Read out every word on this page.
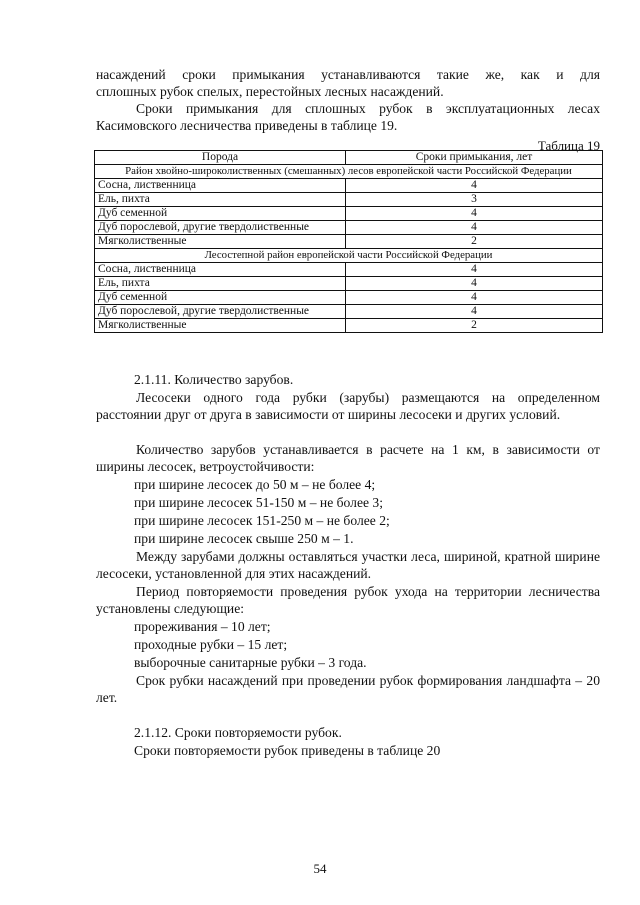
насаждений сроки примыкания устанавливаются такие же, как и для

сплошных рубок спелых, перестойных лесных насаждений.

Сроки примыкания для сплошных рубок в эксплуатационных лесах Касимовского лесничества приведены в таблице 19.

Таблица 19
Порода	Сроки примыкания, лет
Район хвойно-широколиственных (смешанных) лесов европейской части Российской Федерации	
Сосна, лиственница	4
Ель, пихта	3
Дуб семенной	4
Дуб порослевой, другие твердолиственные	4
Мягколиственные	2
Лесостепной район европейской части Российской Федерации	
Сосна, лиственница	4
Ель, пихта	4
Дуб семенной	4
Дуб порослевой, другие твердолиственные	4
Мягколиственные	2
2.1.11. Количество зарубов.

Лесосеки одного года рубки (зарубы) размещаются на определенном расстоянии друг от друга в зависимости от ширины лесосеки и других условий.

Количество зарубов устанавливается в расчете на 1 км, в зависимости от ширины лесосек, ветроустойчивости:

при ширине лесосек до 50 м – не более 4;
при ширине лесосек 51-150 м – не более 3;
при ширине лесосек 151-250 м – не более 2;
при ширине лесосек свыше 250 м – 1.

Между зарубами должны оставляться участки леса, шириной, кратной ширине лесосеки, установленной для этих насаждений.

Период повторяемости проведения рубок ухода на территории лесничества установлены следующие:

прореживания – 10 лет;
проходные рубки – 15 лет;
выборочные санитарные рубки – 3 года.

Срок рубки насаждений при проведении рубок формирования ландшафта – 20 лет.

2.1.12. Сроки повторяемости рубок.
Сроки повторяемости рубок приведены в таблице 20
54
